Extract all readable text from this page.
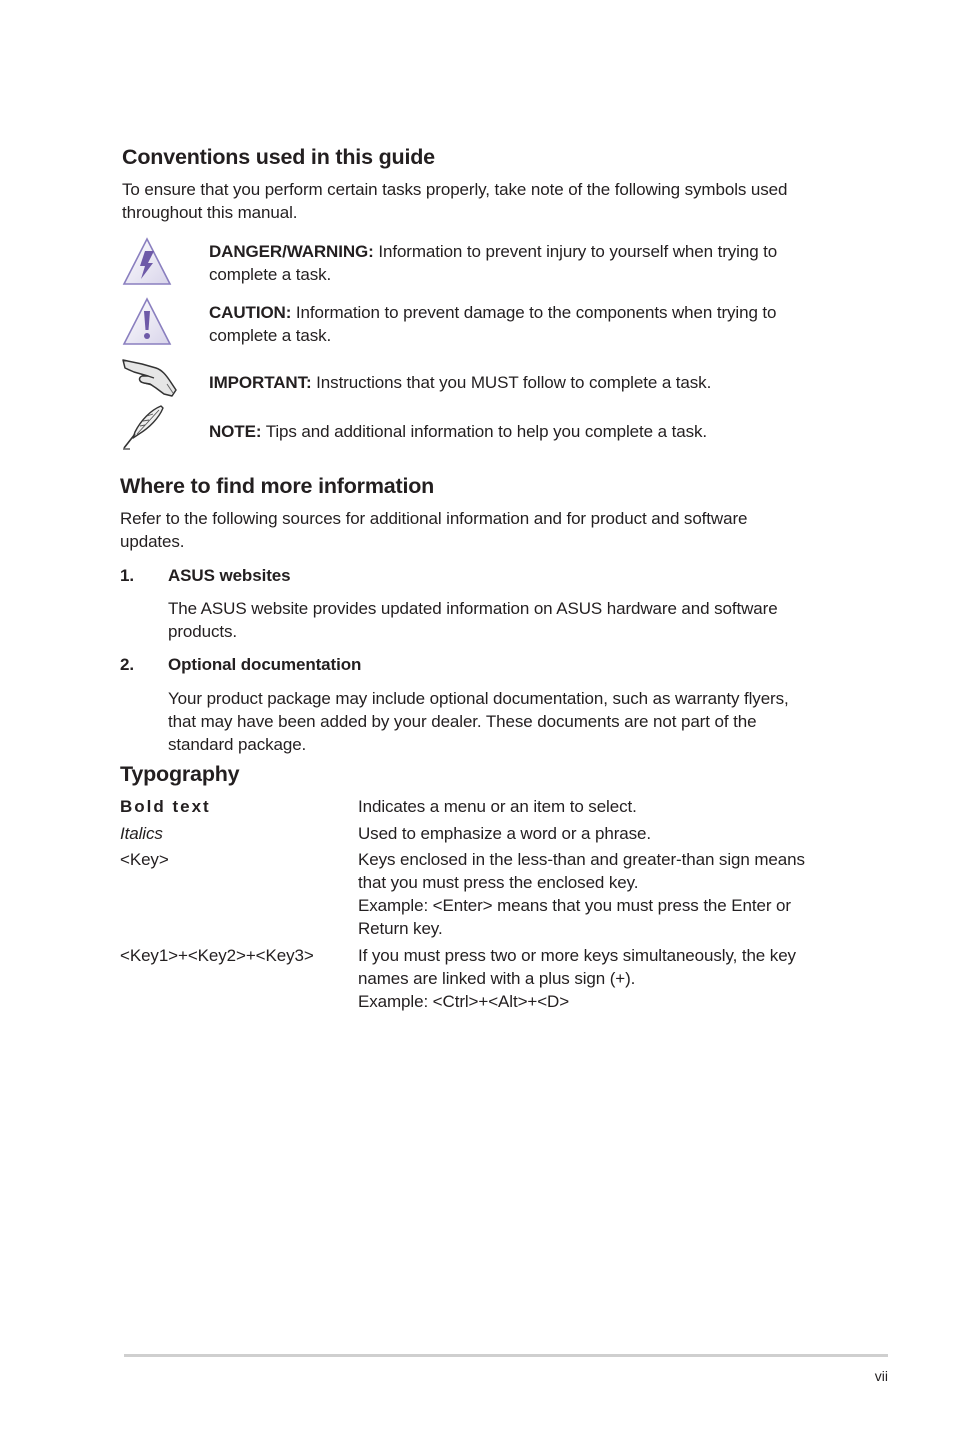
Conventions used in this guide
To ensure that you perform certain tasks properly, take note of the following symbols used
throughout this manual.
DANGER/WARNING: Information to prevent injury to yourself when trying to
complete a task.
CAUTION: Information to prevent damage to the components when trying to
complete a task.
IMPORTANT: Instructions that you MUST follow to complete a task.
NOTE: Tips and additional information to help you complete a task.
Where to find more information
Refer to the following sources for additional information and for product and software
updates.
1. ASUS websites
The ASUS website provides updated information on ASUS hardware and software
products.
2. Optional documentation
Your product package may include optional documentation, such as warranty flyers,
that may have been added by your dealer. These documents are not part of the
standard package.
Typography
Bold text	Indicates a menu or an item to select.
Italics	Used to emphasize a word or a phrase.
<Key>	Keys enclosed in the less-than and greater-than sign means
that you must press the enclosed key.
Example: <Enter> means that you must press the Enter or
Return key.
<Key1>+<Key2>+<Key3>	If you must press two or more keys simultaneously, the key
names are linked with a plus sign (+).
Example: <Ctrl>+<Alt>+<D>
vii
